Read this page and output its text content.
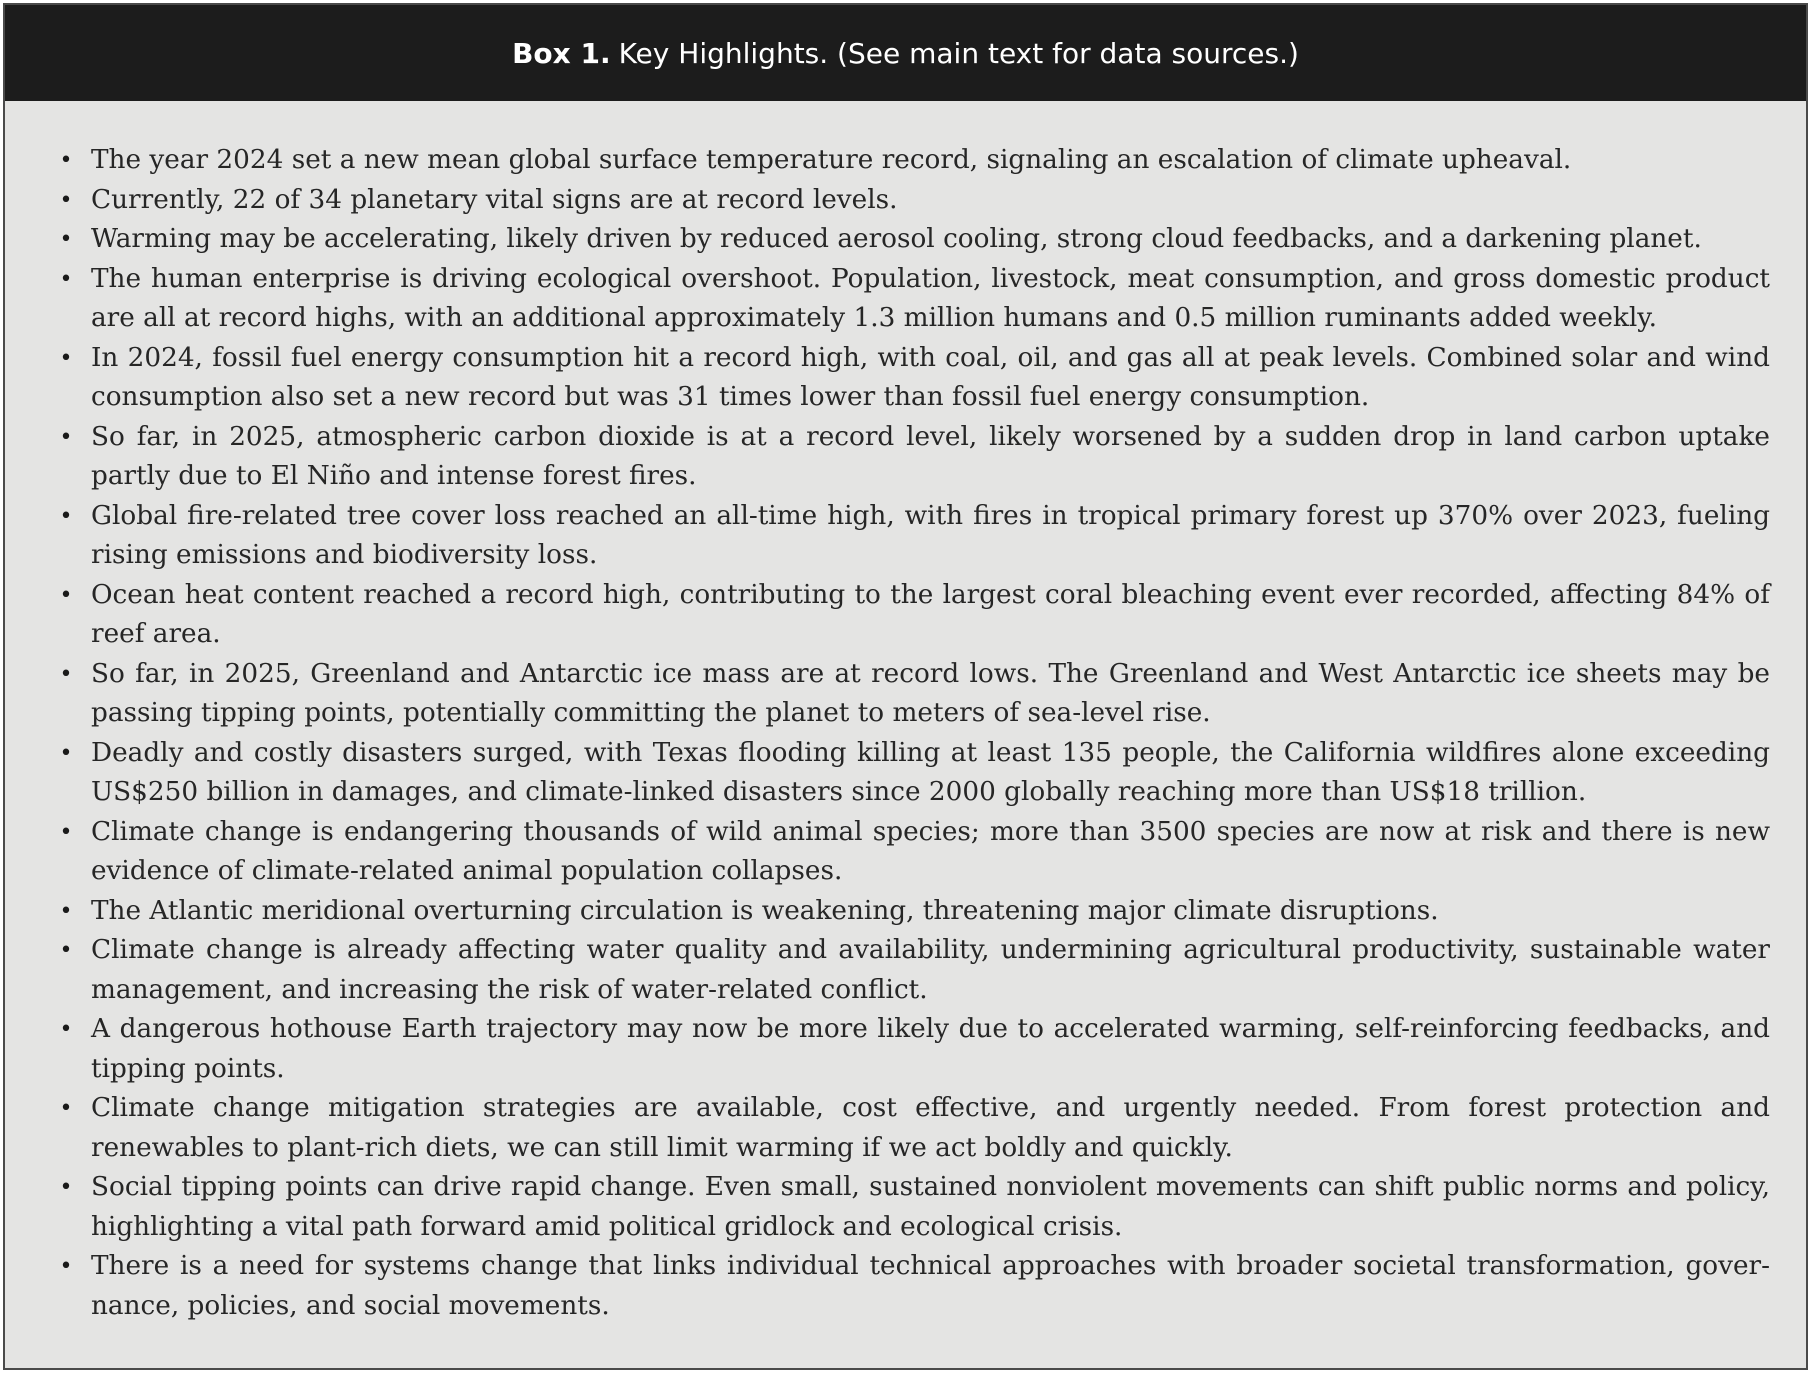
Box 1. Key Highlights. (See main text for data sources.)
• The year 2024 set a new mean global surface temperature record, signaling an escalation of climate upheaval.
• Currently, 22 of 34 planetary vital signs are at record levels.
• Warming may be accelerating, likely driven by reduced aerosol cooling, strong cloud feedbacks, and a darkening planet.
• The human enterprise is driving ecological overshoot. Population, livestock, meat consumption, and gross domestic product are all at record highs, with an additional approximately 1.3 million humans and 0.5 million ruminants added weekly.
• In 2024, fossil fuel energy consumption hit a record high, with coal, oil, and gas all at peak levels. Combined solar and wind consumption also set a new record but was 31 times lower than fossil fuel energy consumption.
• So far, in 2025, atmospheric carbon dioxide is at a record level, likely worsened by a sudden drop in land carbon uptake partly due to El Niño and intense forest fires.
• Global fire-related tree cover loss reached an all-time high, with fires in tropical primary forest up 370% over 2023, fueling rising emissions and biodiversity loss.
• Ocean heat content reached a record high, contributing to the largest coral bleaching event ever recorded, affecting 84% of reef area.
• So far, in 2025, Greenland and Antarctic ice mass are at record lows. The Greenland and West Antarctic ice sheets may be passing tipping points, potentially committing the planet to meters of sea-level rise.
• Deadly and costly disasters surged, with Texas flooding killing at least 135 people, the California wildfires alone exceeding US$250 billion in damages, and climate-linked disasters since 2000 globally reaching more than US$18 trillion.
• Climate change is endangering thousands of wild animal species; more than 3500 species are now at risk and there is new evidence of climate-related animal population collapses.
• The Atlantic meridional overturning circulation is weakening, threatening major climate disruptions.
• Climate change is already affecting water quality and availability, undermining agricultural productivity, sustainable water management, and increasing the risk of water-related conflict.
• A dangerous hothouse Earth trajectory may now be more likely due to accelerated warming, self-reinforcing feedbacks, and tipping points.
• Climate change mitigation strategies are available, cost effective, and urgently needed. From forest protection and renewables to plant-rich diets, we can still limit warming if we act boldly and quickly.
• Social tipping points can drive rapid change. Even small, sustained nonviolent movements can shift public norms and policy, highlighting a vital path forward amid political gridlock and ecological crisis.
• There is a need for systems change that links individual technical approaches with broader societal transformation, governance, policies, and social movements.
